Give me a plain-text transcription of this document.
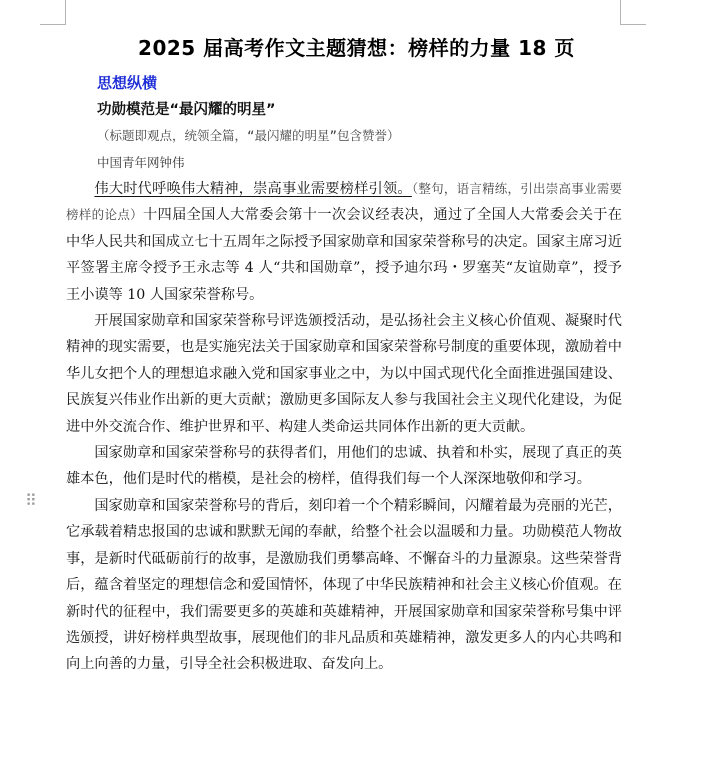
2025 届高考作文主题猜想：榜样的力量 18 页
思想纵横
功勋模范是“最闪耀的明星”
（标题即观点，统领全篇，“最闪耀的明星”包含赞誉）
中国青年网钟伟
⠿

伟大时代呼唤伟大精神，崇高事业需要榜样引领。（整句，语言精练，引出崇高事业需要榜样的论点）十四届全国人大常委会第十一次会议经表决，通过了全国人大常委会关于在中华人民共和国成立七十五周年之际授予国家勋章和国家荣誉称号的决定。国家主席习近平签署主席令授予王永志等 4 人“共和国勋章”，授予迪尔玛・罗塞芙“友谊勋章”，授予王小谟等 10 人国家荣誉称号。

开展国家勋章和国家荣誉称号评选颁授活动，是弘扬社会主义核心价值观、凝聚时代精神的现实需要，也是实施宪法关于国家勋章和国家荣誉称号制度的重要体现，激励着中华儿女把个人的理想追求融入党和国家事业之中，为以中国式现代化全面推进强国建设、民族复兴伟业作出新的更大贡献；激励更多国际友人参与我国社会主义现代化建设，为促进中外交流合作、维护世界和平、构建人类命运共同体作出新的更大贡献。

国家勋章和国家荣誉称号的获得者们，用他们的忠诚、执着和朴实，展现了真正的英雄本色，他们是时代的楷模，是社会的榜样，值得我们每一个人深深地敬仰和学习。

国家勋章和国家荣誉称号的背后，刻印着一个个精彩瞬间，闪耀着最为亮丽的光芒，它承载着精忠报国的忠诚和默默无闻的奉献，给整个社会以温暖和力量。功勋模范人物故事，是新时代砥砺前行的故事，是激励我们勇攀高峰、不懈奋斗的力量源泉。这些荣誉背后，蕴含着坚定的理想信念和爱国情怀，体现了中华民族精神和社会主义核心价值观。在新时代的征程中，我们需要更多的英雄和英雄精神，开展国家勋章和国家荣誉称号集中评选颁授，讲好榜样典型故事，展现他们的非凡品质和英雄精神，激发更多人的内心共鸣和向上向善的力量，引导全社会积极进取、奋发向上。
